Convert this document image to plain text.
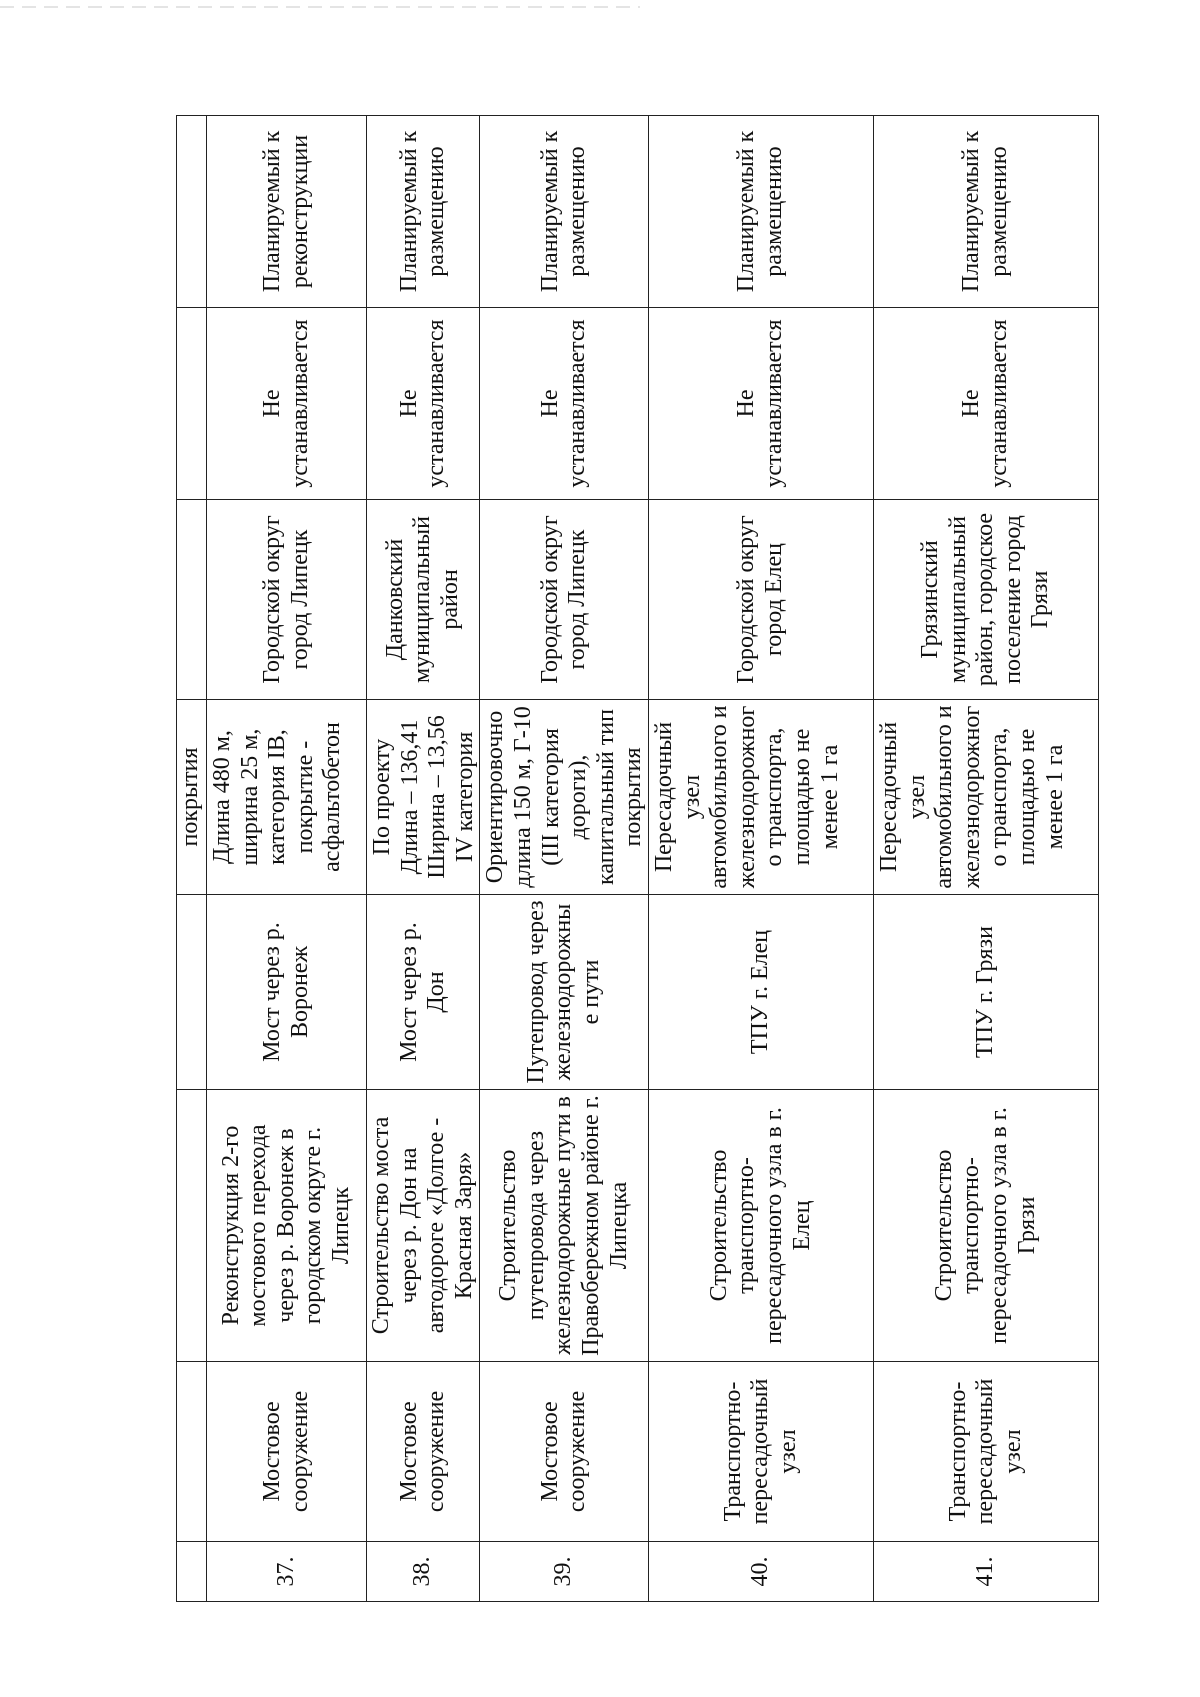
				покрытия			
37.	Мостовое сооружение	Реконструкция 2-го мостового перехода через р. Воронеж в городском округе г. Липецк	Мост через р. Воронеж	Длина 480 м, ширина 25 м, категория IB, покрытие - асфальтобетон	Городской округ город Липецк	Не устанавливается	Планируемый к реконструкции
38.	Мостовое сооружение	Строительство моста через р. Дон на автодороге «Долгое - Красная Заря»	Мост через р. Дон	По проекту Длина – 136,41 Ширина – 13,56 IV категория	Данковский муниципальный район	Не устанавливается	Планируемый к размещению
39.	Мостовое сооружение	Строительство путепровода через железнодорожные пути в Правобережном районе г. Липецка	Путепровод через железнодорожные пути	Ориентировочно длина 150 м, Г-10 (III категория дороги), капитальный тип покрытия	Городской округ город Липецк	Не устанавливается	Планируемый к размещению
40.	Транспортно-пересадочный узел	Строительство транспортно-пересадочного узла в г. Елец	ТПУ г. Елец	Пересадочный узел автомобильного и железнодорожного транспорта, площадью не менее 1 га	Городской округ город Елец	Не устанавливается	Планируемый к размещению
41.	Транспортно-пересадочный узел	Строительство транспортно-пересадочного узла в г. Грязи	ТПУ г. Грязи	Пересадочный узел автомобильного и железнодорожного транспорта, площадью не менее 1 га	Грязинский муниципальный район, городское поселение город Грязи	Не устанавливается	Планируемый к размещению
